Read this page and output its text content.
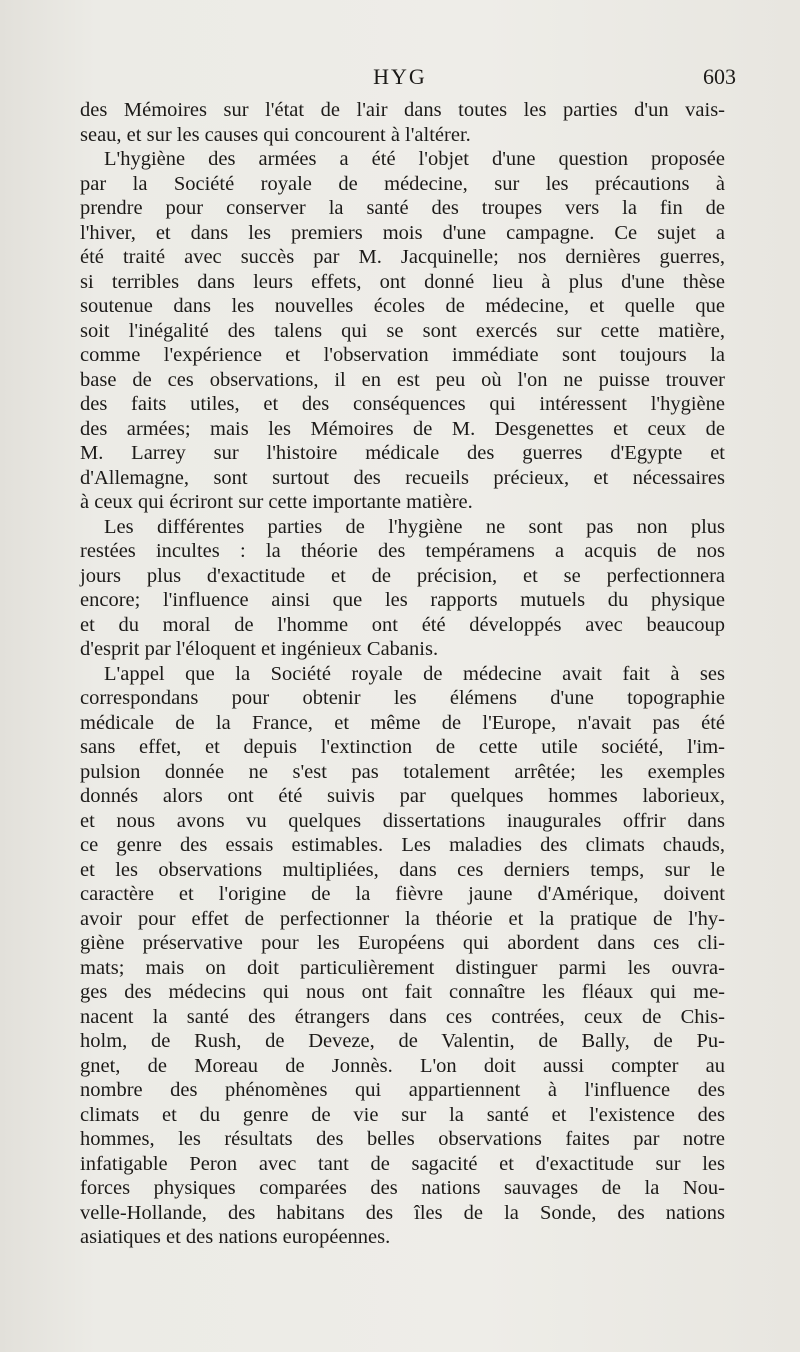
HYG	603
des Mémoires sur l'état de l'air dans toutes les parties d'un vais-
seau, et sur les causes qui concourent à l'altérer.
L'hygiène des armées a été l'objet d'une question proposée
par la Société royale de médecine, sur les précautions à
prendre pour conserver la santé des troupes vers la fin de
l'hiver, et dans les premiers mois d'une campagne. Ce sujet a
été traité avec succès par M. Jacquinelle; nos dernières guerres,
si terribles dans leurs effets, ont donné lieu à plus d'une thèse
soutenue dans les nouvelles écoles de médecine, et quelle que
soit l'inégalité des talens qui se sont exercés sur cette matière,
comme l'expérience et l'observation immédiate sont toujours la
base de ces observations, il en est peu où l'on ne puisse trouver
des faits utiles, et des conséquences qui intéressent l'hygiène
des armées; mais les Mémoires de M. Desgenettes et ceux de
M. Larrey sur l'histoire médicale des guerres d'Egypte et
d'Allemagne, sont surtout des recueils précieux, et nécessaires
à ceux qui écriront sur cette importante matière.
Les différentes parties de l'hygiène ne sont pas non plus
restées incultes : la théorie des tempéramens a acquis de nos
jours plus d'exactitude et de précision, et se perfectionnera
encore; l'influence ainsi que les rapports mutuels du physique
et du moral de l'homme ont été développés avec beaucoup
d'esprit par l'éloquent et ingénieux Cabanis.
L'appel que la Société royale de médecine avait fait à ses
correspondans pour obtenir les élémens d'une topographie
médicale de la France, et même de l'Europe, n'avait pas été
sans effet, et depuis l'extinction de cette utile société, l'im-
pulsion donnée ne s'est pas totalement arrêtée; les exemples
donnés alors ont été suivis par quelques hommes laborieux,
et nous avons vu quelques dissertations inaugurales offrir dans
ce genre des essais estimables. Les maladies des climats chauds,
et les observations multipliées, dans ces derniers temps, sur le
caractère et l'origine de la fièvre jaune d'Amérique, doivent
avoir pour effet de perfectionner la théorie et la pratique de l'hy-
giène préservative pour les Européens qui abordent dans ces cli-
mats; mais on doit particulièrement distinguer parmi les ouvra-
ges des médecins qui nous ont fait connaître les fléaux qui me-
nacent la santé des étrangers dans ces contrées, ceux de Chis-
holm, de Rush, de Deveze, de Valentin, de Bally, de Pu-
gnet, de Moreau de Jonnès. L'on doit aussi compter au
nombre des phénomènes qui appartiennent à l'influence des
climats et du genre de vie sur la santé et l'existence des
hommes, les résultats des belles observations faites par notre
infatigable Peron avec tant de sagacité et d'exactitude sur les
forces physiques comparées des nations sauvages de la Nou-
velle-Hollande, des habitans des îles de la Sonde, des nations
asiatiques et des nations européennes.
